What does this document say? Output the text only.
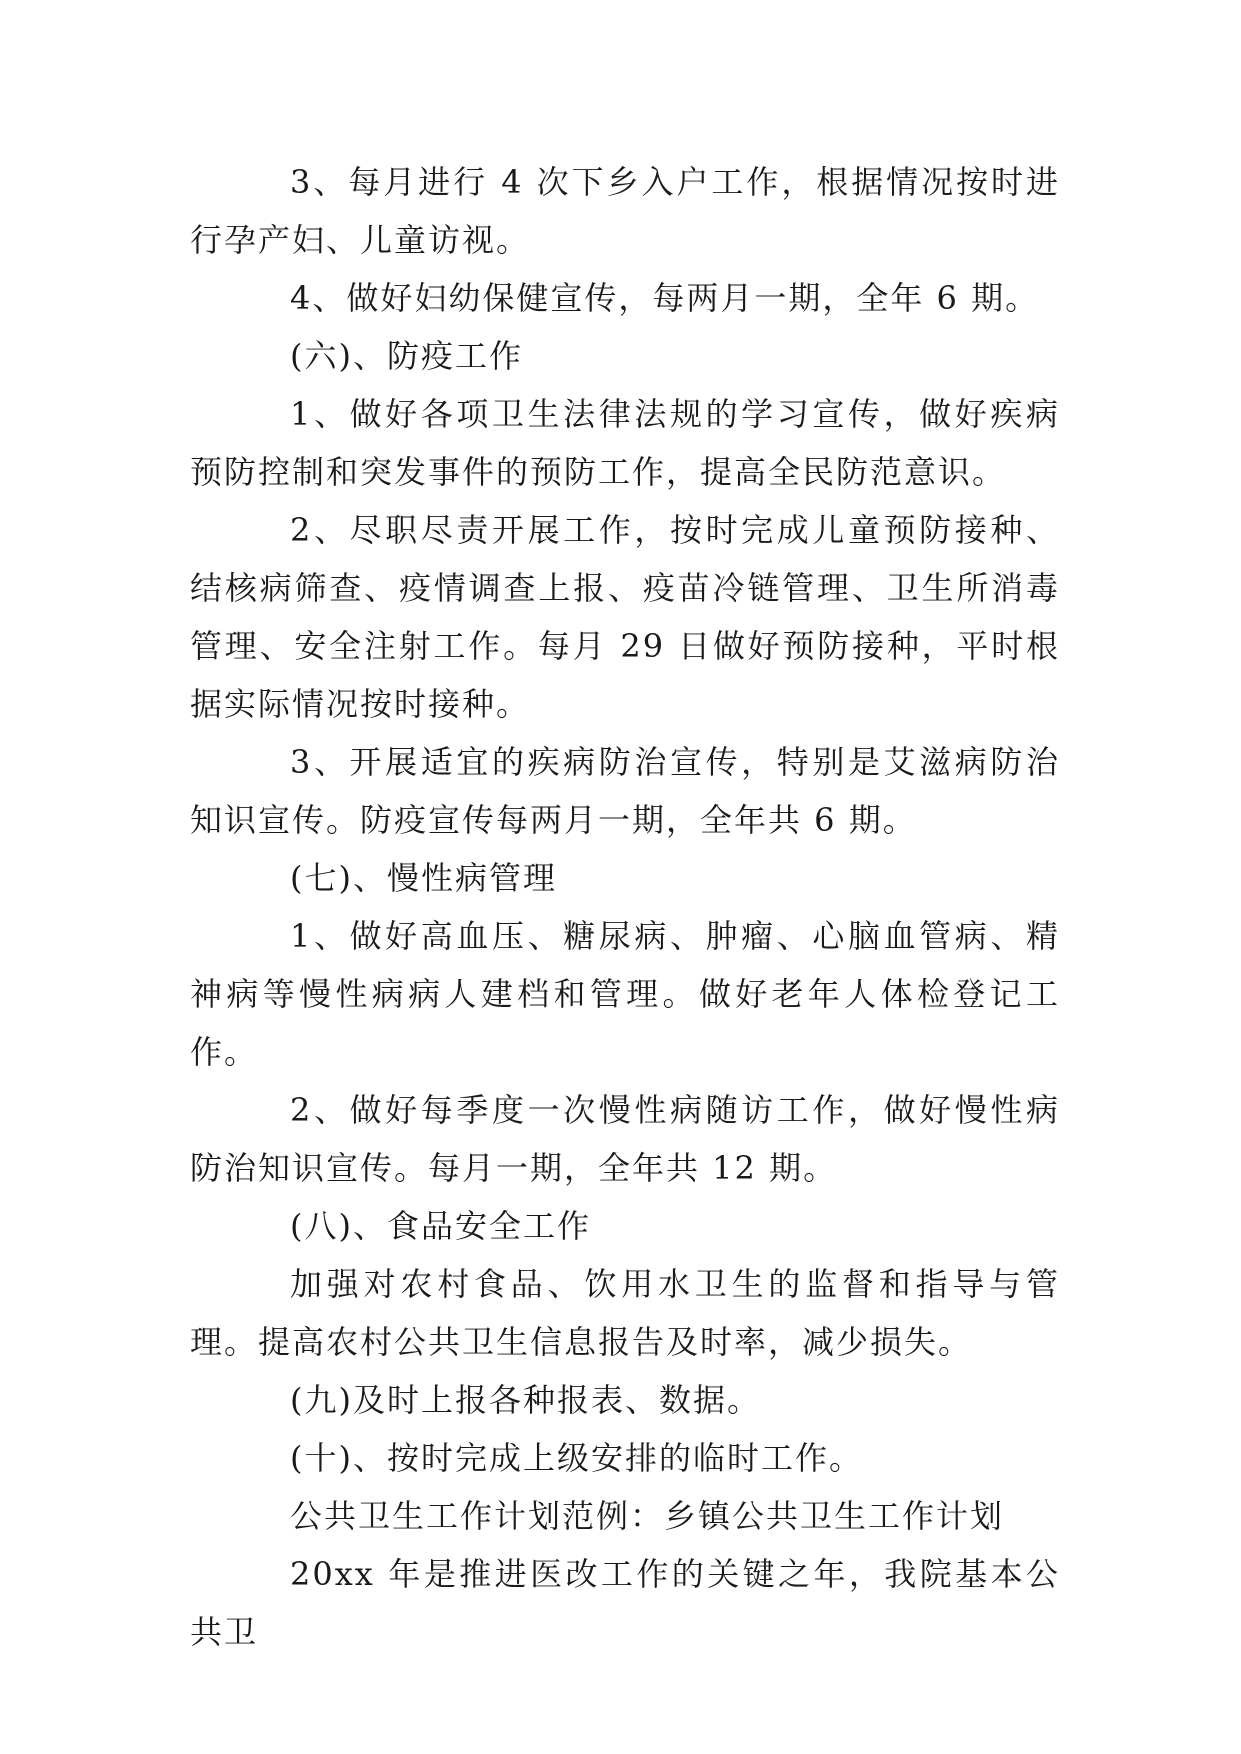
3、每月进行 4 次下乡入户工作，根据情况按时进行孕产妇、儿童访视。

4、做好妇幼保健宣传，每两月一期，全年 6 期。

(六)、防疫工作

1、做好各项卫生法律法规的学习宣传，做好疾病预防控制和突发事件的预防工作，提高全民防范意识。

2、尽职尽责开展工作，按时完成儿童预防接种、结核病筛查、疫情调查上报、疫苗冷链管理、卫生所消毒管理、安全注射工作。每月 29 日做好预防接种，平时根据实际情况按时接种。

3、开展适宜的疾病防治宣传，特别是艾滋病防治知识宣传。防疫宣传每两月一期，全年共 6 期。

(七)、慢性病管理

1、做好高血压、糖尿病、肿瘤、心脑血管病、精神病等慢性病病人建档和管理。做好老年人体检登记工作。

2、做好每季度一次慢性病随访工作，做好慢性病防治知识宣传。每月一期，全年共 12 期。

(八)、食品安全工作

加强对农村食品、饮用水卫生的监督和指导与管理。提高农村公共卫生信息报告及时率，减少损失。

(九)及时上报各种报表、数据。

(十)、按时完成上级安排的临时工作。

公共卫生工作计划范例：乡镇公共卫生工作计划

20xx 年是推进医改工作的关键之年，我院基本公共卫
